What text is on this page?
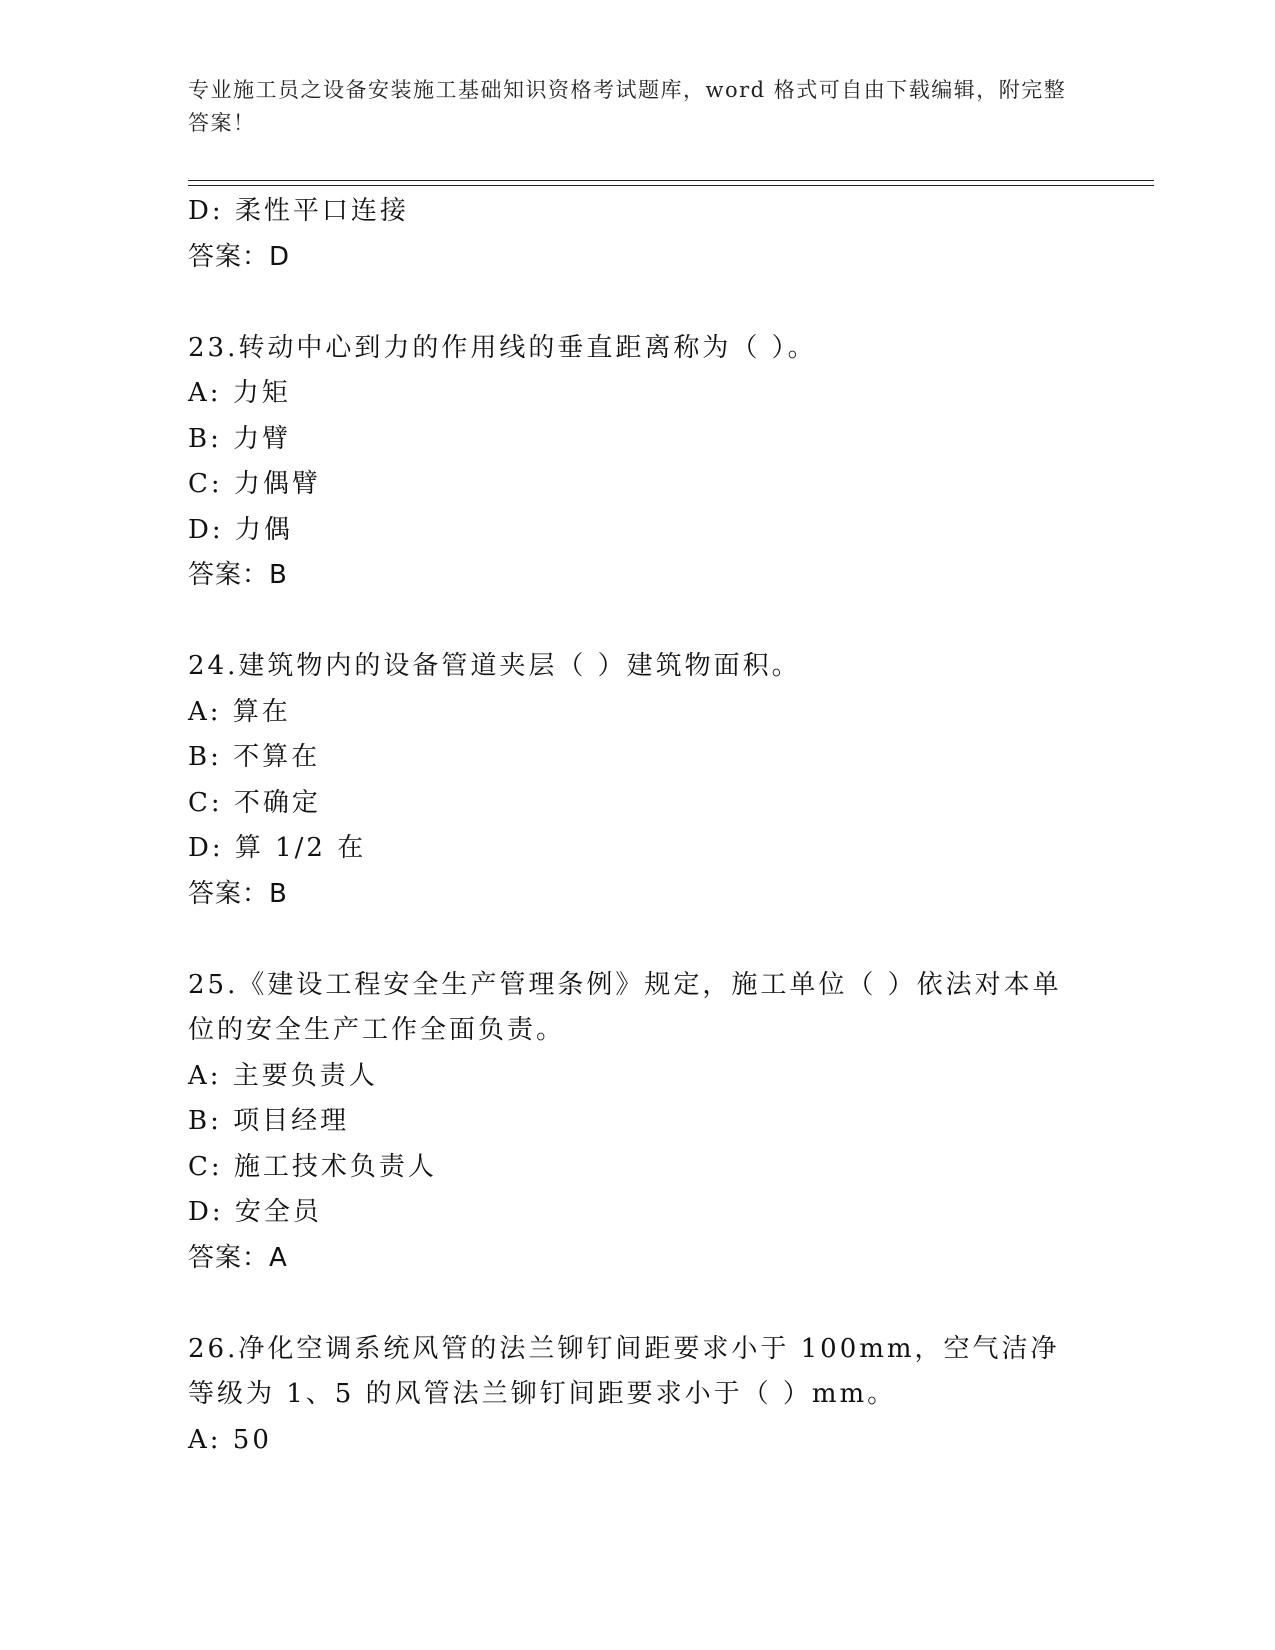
专业施工员之设备安装施工基础知识资格考试题库，word 格式可自由下载编辑，附完整答案！
D: 柔性平口连接
答案：D
23.转动中心到力的作用线的垂直距离称为（ ）。
A: 力矩
B: 力臂
C: 力偶臂
D: 力偶
答案：B
24.建筑物内的设备管道夹层（ ）建筑物面积。
A: 算在
B: 不算在
C: 不确定
D: 算 1/2 在
答案：B
25.《建设工程安全生产管理条例》规定，施工单位（ ）依法对本单位的安全生产工作全面负责。
A: 主要负责人
B: 项目经理
C: 施工技术负责人
D: 安全员
答案：A
26.净化空调系统风管的法兰铆钉间距要求小于 100mm，空气洁净等级为 1、5 的风管法兰铆钉间距要求小于（ ）mm。
A: 50
